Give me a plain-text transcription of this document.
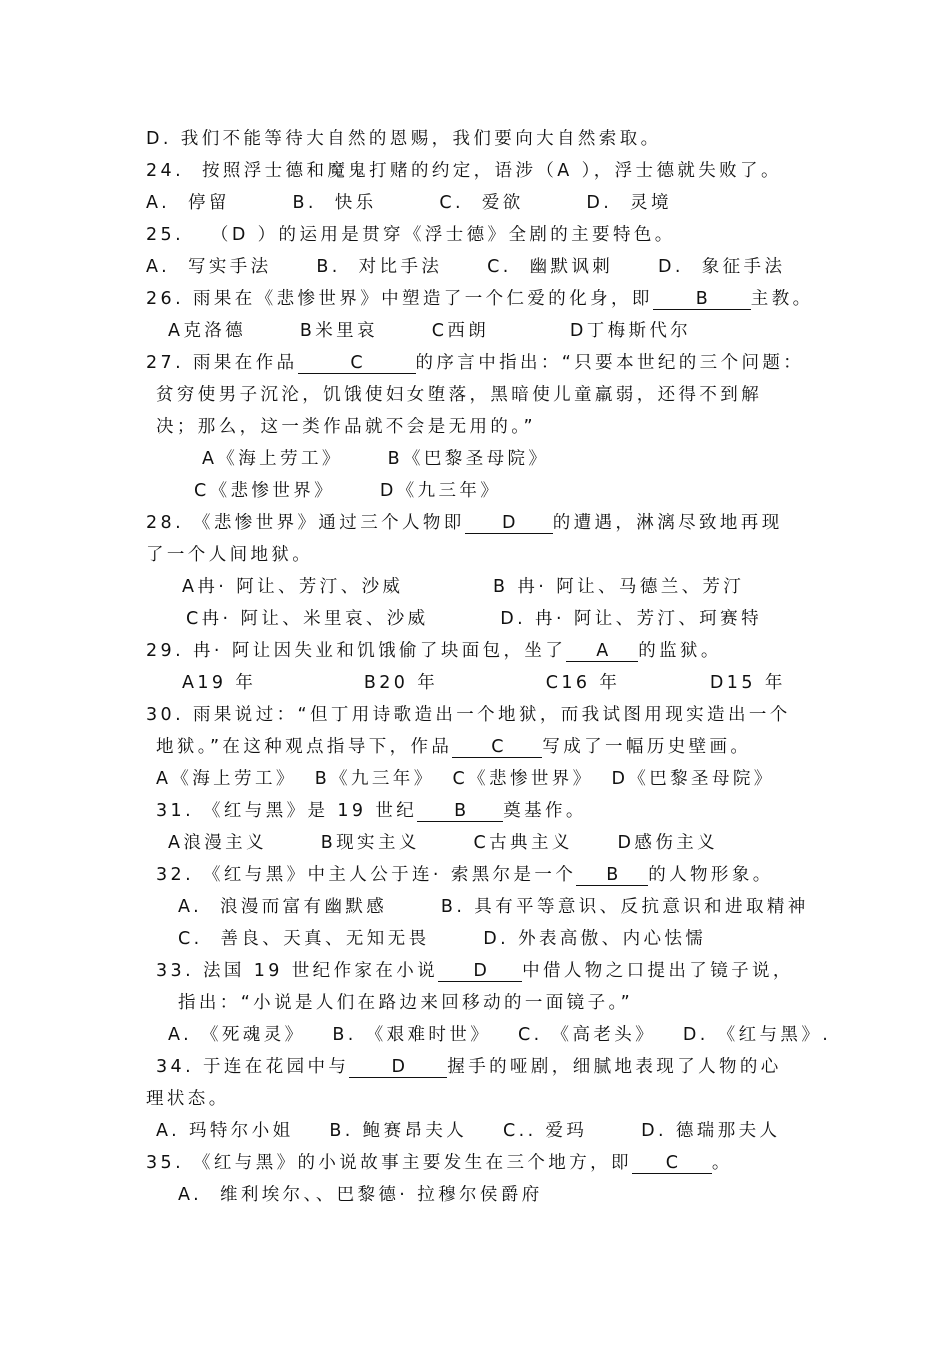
D. 我们不能等待大自然的恩赐，我们要向大自然索取。
24.  按照浮士德和魔鬼打赌的约定，语涉（A ），浮士德就失败了。
A.  停留       B.  快乐       C.  爱欲       D.  灵境
25.   （D ）的运用是贯穿《浮士德》全剧的主要特色。
A.  写实手法     B.  对比手法     C.  幽默讽刺     D.  象征手法
26. 雨果在《悲惨世界》中塑造了一个仁爱的化身，即 B 主教。
A克洛德      B米里哀      C西朗         D丁梅斯代尔
27. 雨果在作品	C	的序言中指出：“只要本世纪的三个问题：
贫穷使男子沉沦，饥饿使妇女堕落，黑暗使儿童羸弱，还得不到解
决；那么，这一类作品就不会是无用的。”
A《海上劳工》     B《巴黎圣母院》
C《悲惨世界》     D《九三年》
28. 《悲惨世界》通过三个人物即 D 的遭遇，淋漓尽致地再现
了一个人间地狱。
A冉· 阿让、芳汀、沙威          B 冉· 阿让、马德兰、芳汀
C冉· 阿让、米里哀、沙威        D. 冉· 阿让、芳汀、珂赛特
29. 冉· 阿让因失业和饥饿偷了块面包，坐了 A 的监狱。
A19 年            B20 年            C16 年          D15 年
30. 雨果说过：“但丁用诗歌造出一个地狱，而我试图用现实造出一个
地狱。”在这种观点指导下，作品 C 写成了一幅历史壁画。
A《海上劳工》  B《九三年》  C《悲惨世界》  D《巴黎圣母院》
31. 《红与黑》是 19 世纪 B 奠基作。
A浪漫主义      B现实主义      C古典主义     D感伤主义
32. 《红与黑》中主人公于连· 索黑尔是一个 B 的人物形象。
A.  浪漫而富有幽默感      B. 具有平等意识、反抗意识和进取精神
C.  善良、天真、无知无畏      D. 外表高傲、内心怯懦
33. 法国 19 世纪作家在小说 D 中借人物之口提出了镜子说，
指出：“小说是人们在路边来回移动的一面镜子。”
A. 《死魂灵》   B. 《艰难时世》   C. 《高老头》   D. 《红与黑》.
34. 于连在花园中与 D 握手的哑剧，细腻地表现了人物的心
理状态。
A. 玛特尔小姐    B. 鲍赛昂夫人    C.. 爱玛      D. 德瑞那夫人
35. 《红与黑》的小说故事主要发生在三个地方，即 C 。
A.  维利埃尔、、巴黎德· 拉穆尔侯爵府
